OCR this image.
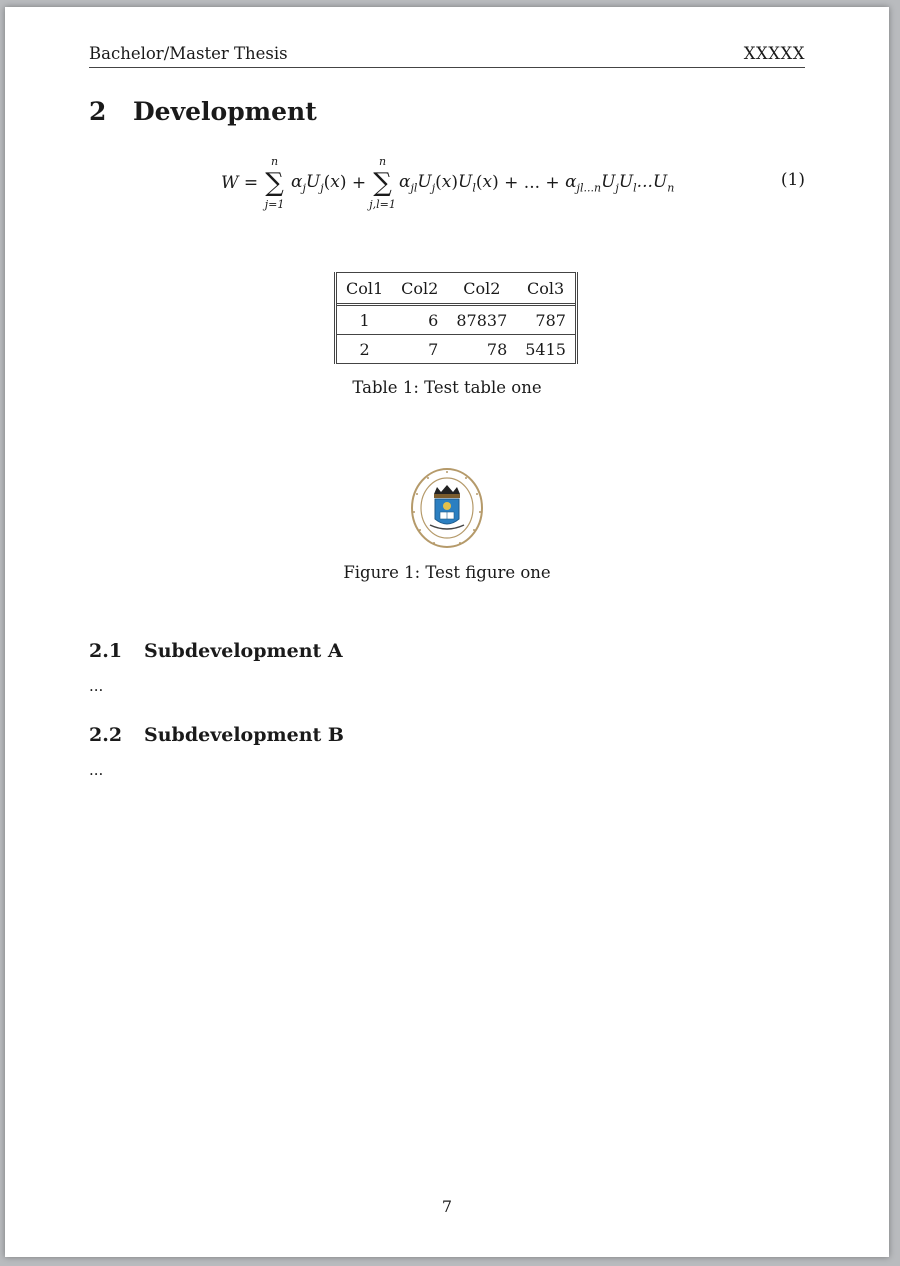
Bachelor/Master Thesis	XXXXX
2 Development
W =
n
∑
j=1
$\alpha_jU_j(x)$ +
n
∑
j,l=1
$\alpha_{jl}U_j(x)U_l(x)$ + ... + $\alpha_{jl...n}U_jU_l...U_n$	(1)
Col1	Col2	Col2	Col3
1	6	87837	787
2	7	78	5415
Table 1: Test table one
Figure 1: Test figure one
2.1 Subdevelopment A
...
2.2 Subdevelopment B
...
7
